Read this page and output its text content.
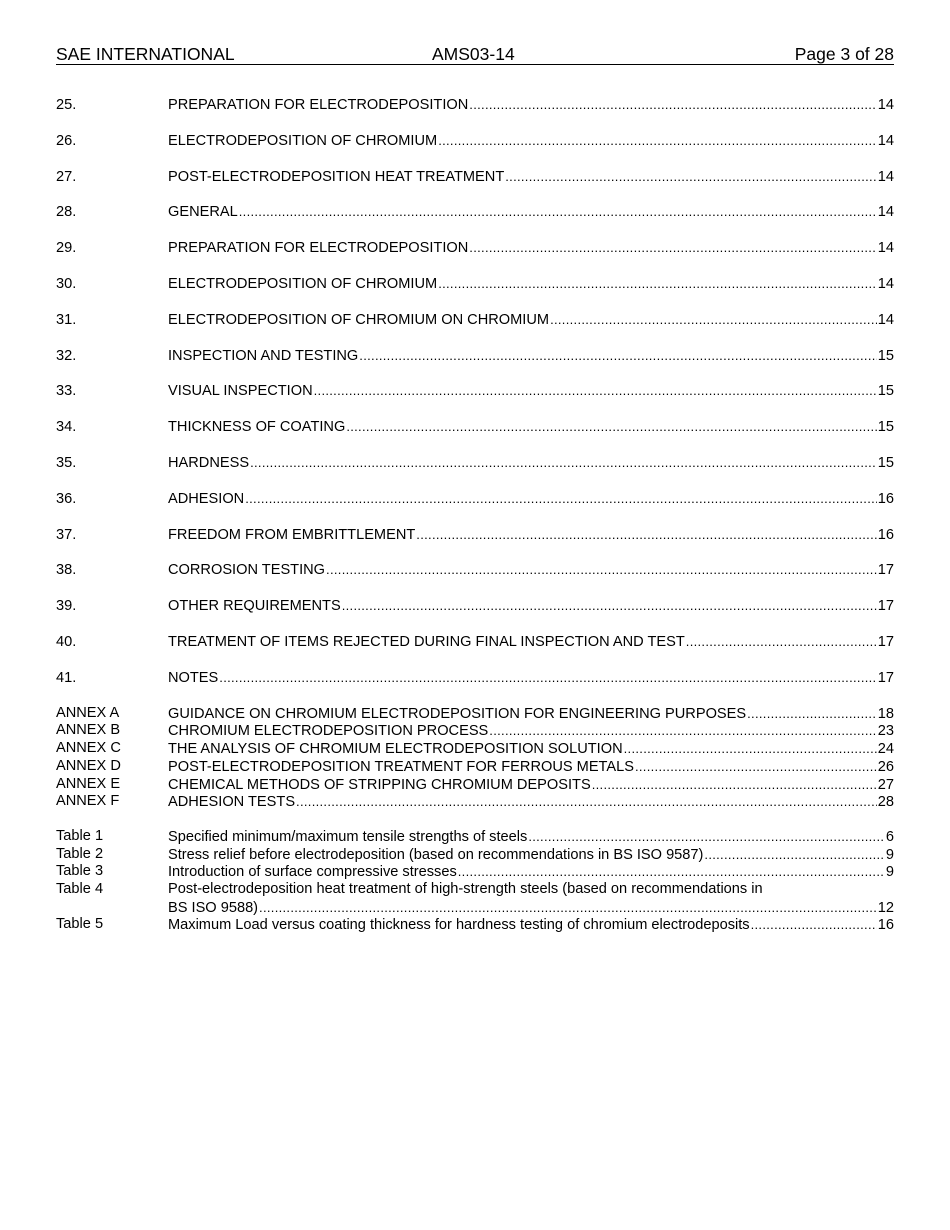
SAE INTERNATIONAL	AMS03-14	Page 3 of 28
25.	PREPARATION FOR ELECTRODEPOSITION .....	14
26.	ELECTRODEPOSITION OF CHROMIUM .....	14
27.	POST-ELECTRODEPOSITION HEAT TREATMENT .....	14
28.	GENERAL .....	14
29.	PREPARATION FOR ELECTRODEPOSITION .....	14
30.	ELECTRODEPOSITION OF CHROMIUM .....	14
31.	ELECTRODEPOSITION OF CHROMIUM ON CHROMIUM .....	14
32.	INSPECTION AND TESTING .....	15
33.	VISUAL INSPECTION .....	15
34.	THICKNESS OF COATING .....	15
35.	HARDNESS .....	15
36.	ADHESION .....	16
37.	FREEDOM FROM EMBRITTLEMENT .....	16
38.	CORROSION TESTING .....	17
39.	OTHER REQUIREMENTS .....	17
40.	TREATMENT OF ITEMS REJECTED DURING FINAL INSPECTION AND TEST .....	17
41.	NOTES .....	17
ANNEX A	GUIDANCE ON CHROMIUM ELECTRODEPOSITION FOR ENGINEERING PURPOSES .....	18
ANNEX B	CHROMIUM ELECTRODEPOSITION PROCESS .....	23
ANNEX C	THE ANALYSIS OF CHROMIUM ELECTRODEPOSITION SOLUTION .....	24
ANNEX D	POST-ELECTRODEPOSITION TREATMENT FOR FERROUS METALS .....	26
ANNEX E	CHEMICAL METHODS OF STRIPPING CHROMIUM DEPOSITS .....	27
ANNEX F	ADHESION TESTS .....	28
Table 1	Specified minimum/maximum tensile strengths of steels .....	6
Table 2	Stress relief before electrodeposition (based on recommendations in BS ISO 9587) .....	9
Table 3	Introduction of surface compressive stresses .....	9
Table 4	Post-electrodeposition heat treatment of high-strength steels (based on recommendations in
BS ISO 9588) .....	12
Table 5	Maximum Load versus coating thickness for hardness testing of chromium electrodeposits .....	16
